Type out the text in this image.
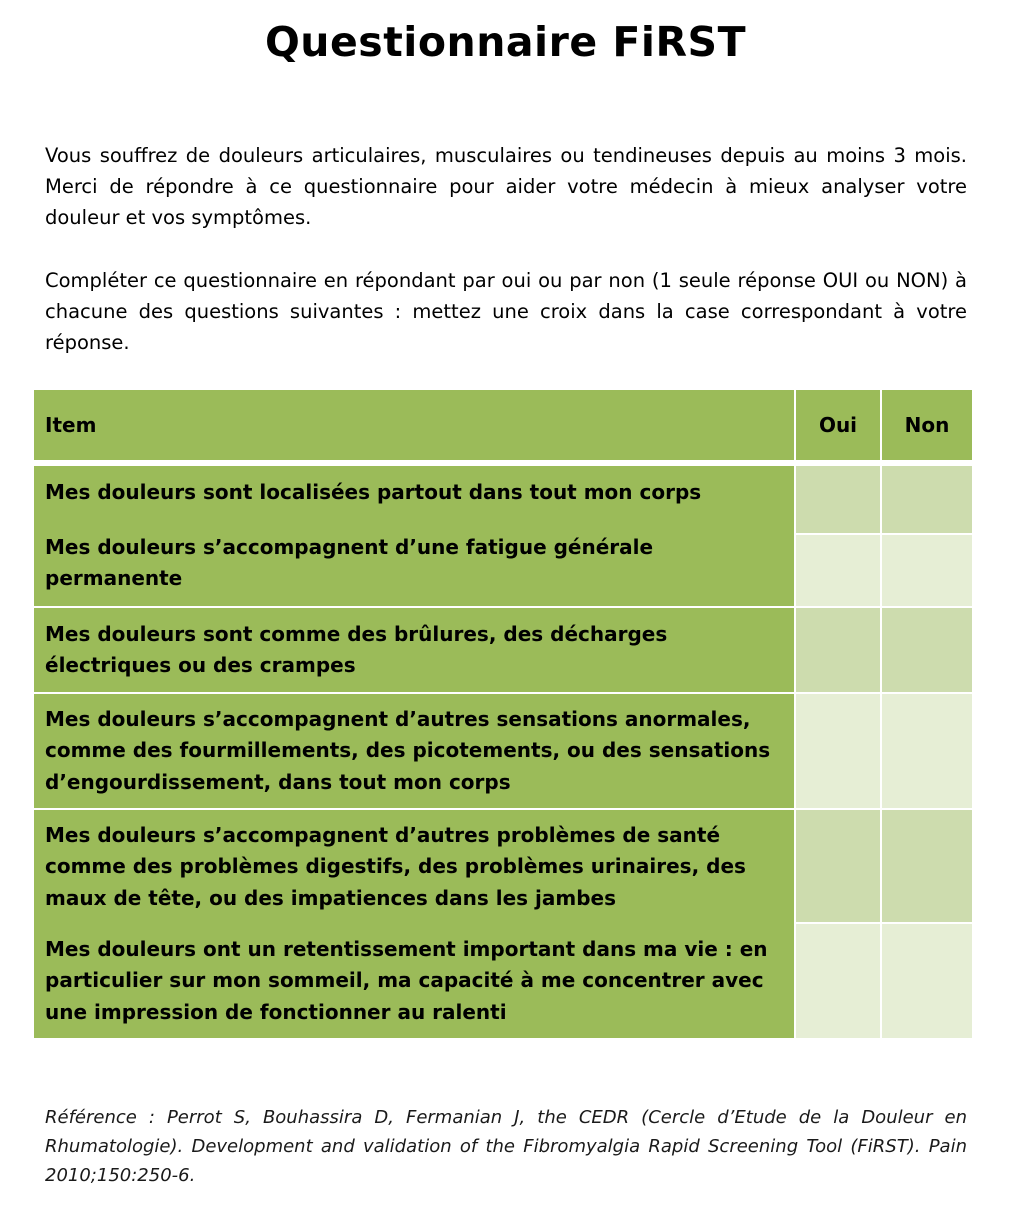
Questionnaire FiRST

Vous souffrez de douleurs articulaires, musculaires ou tendineuses depuis au moins 3 mois. Merci de répondre à ce questionnaire pour aider votre médecin à mieux analyser votre douleur et vos symptômes.

Compléter ce questionnaire en répondant par oui ou par non (1 seule réponse OUI ou NON) à chacune des questions suivantes : mettez une croix dans la case correspondant à votre réponse.

Item	Oui	Non
Mes douleurs sont localisées partout dans tout mon corps
Mes douleurs s’accompagnent d’une fatigue générale permanente
Mes douleurs sont comme des brûlures, des décharges électriques ou des crampes
Mes douleurs s’accompagnent d’autres sensations anormales, comme des fourmillements, des picotements, ou des sensations d’engourdissement, dans tout mon corps
Mes douleurs s’accompagnent d’autres problèmes de santé comme des problèmes digestifs, des problèmes urinaires, des maux de tête, ou des impatiences dans les jambes
Mes douleurs ont un retentissement important dans ma vie : en particulier sur mon sommeil, ma capacité à me concentrer avec une impression de fonctionner au ralenti

Référence : Perrot S, Bouhassira D, Fermanian J, the CEDR (Cercle d’Etude de la Douleur en Rhumatologie). Development and validation of the Fibromyalgia Rapid Screening Tool (FiRST). Pain 2010;150:250-6.
